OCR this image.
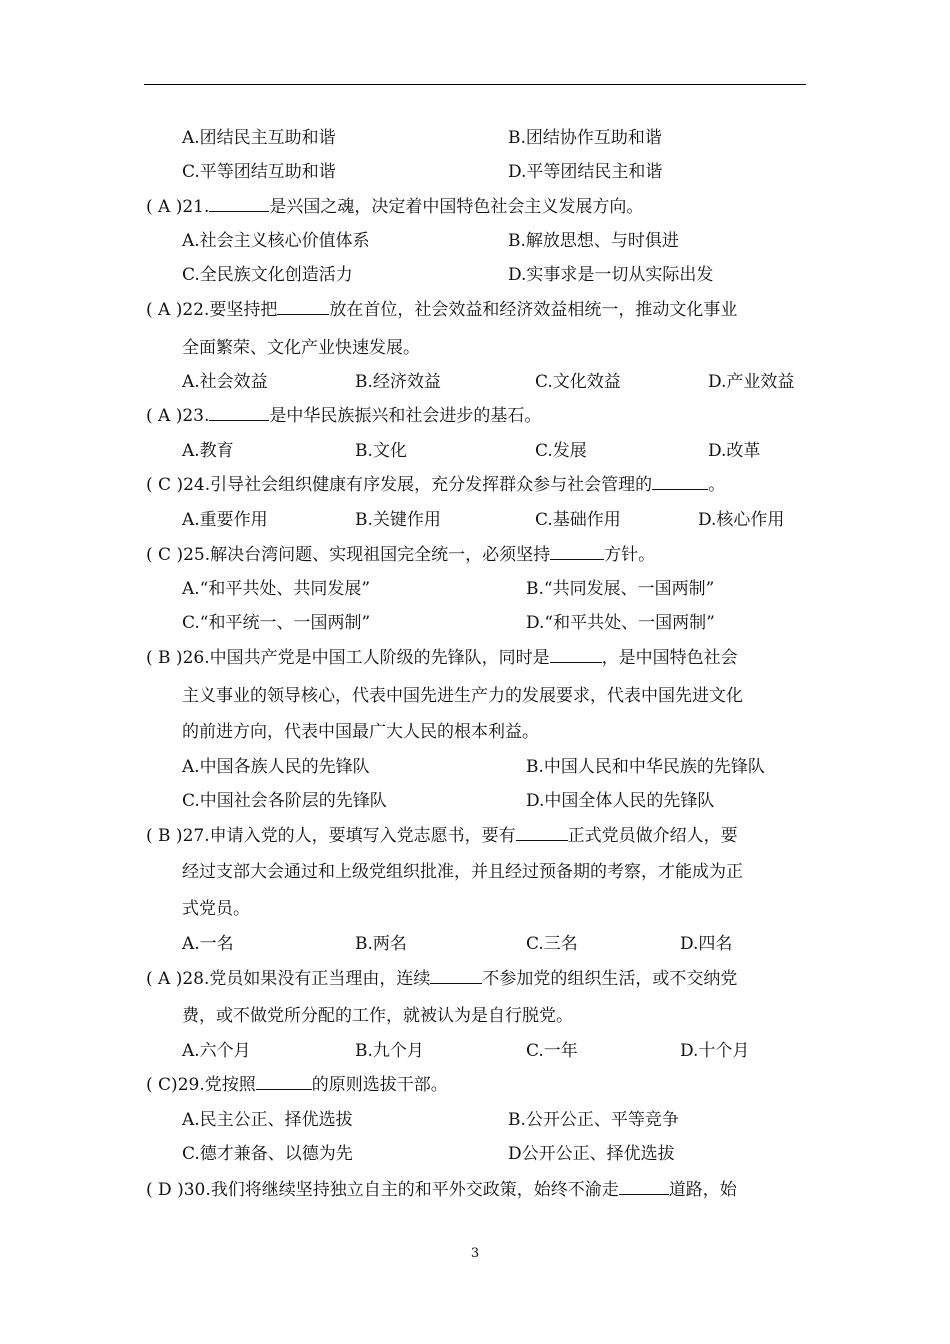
A.团结民主互助和谐	B.团结协作互助和谐
C.平等团结互助和谐	D.平等团结民主和谐
( A )21.	是兴国之魂，决定着中国特色社会主义发展方向。
A.社会主义核心价值体系	B.解放思想、与时俱进
C.全民族文化创造活力	D.实事求是一切从实际出发
( A )22.要坚持把	放在首位，社会效益和经济效益相统一，推动文化事业
全面繁荣、文化产业快速发展。
A.社会效益	B.经济效益	C.文化效益	D.产业效益
( A )23.	是中华民族振兴和社会进步的基石。
A.教育	B.文化	C.发展	D.改革
( C )24.引导社会组织健康有序发展，充分发挥群众参与社会管理的	。
A.重要作用	B.关键作用	C.基础作用	D.核心作用
( C )25.解决台湾问题、实现祖国完全统一，必须坚持	方针。
A.“和平共处、共同发展”	B.“共同发展、一国两制”
C.“和平统一、一国两制”	D.“和平共处、一国两制”
( B )26.中国共产党是中国工人阶级的先锋队，同时是	，是中国特色社会
主义事业的领导核心，代表中国先进生产力的发展要求，代表中国先进文化
的前进方向，代表中国最广大人民的根本利益。
A.中国各族人民的先锋队	B.中国人民和中华民族的先锋队
C.中国社会各阶层的先锋队	D.中国全体人民的先锋队
( B )27.申请入党的人，要填写入党志愿书，要有	正式党员做介绍人，要
经过支部大会通过和上级党组织批准，并且经过预备期的考察，才能成为正
式党员。
A.一名	B.两名	C.三名	D.四名
( A )28.党员如果没有正当理由，连续	不参加党的组织生活，或不交纳党
费，或不做党所分配的工作，就被认为是自行脱党。
A.六个月	B.九个月	C.一年	D.十个月
( C)29.党按照	的原则选拔干部。
A.民主公正、择优选拔	B.公开公正、平等竞争
C.德才兼备、以德为先	D公开公正、择优选拔
( D )30.我们将继续坚持独立自主的和平外交政策，始终不渝走	道路，始
3
